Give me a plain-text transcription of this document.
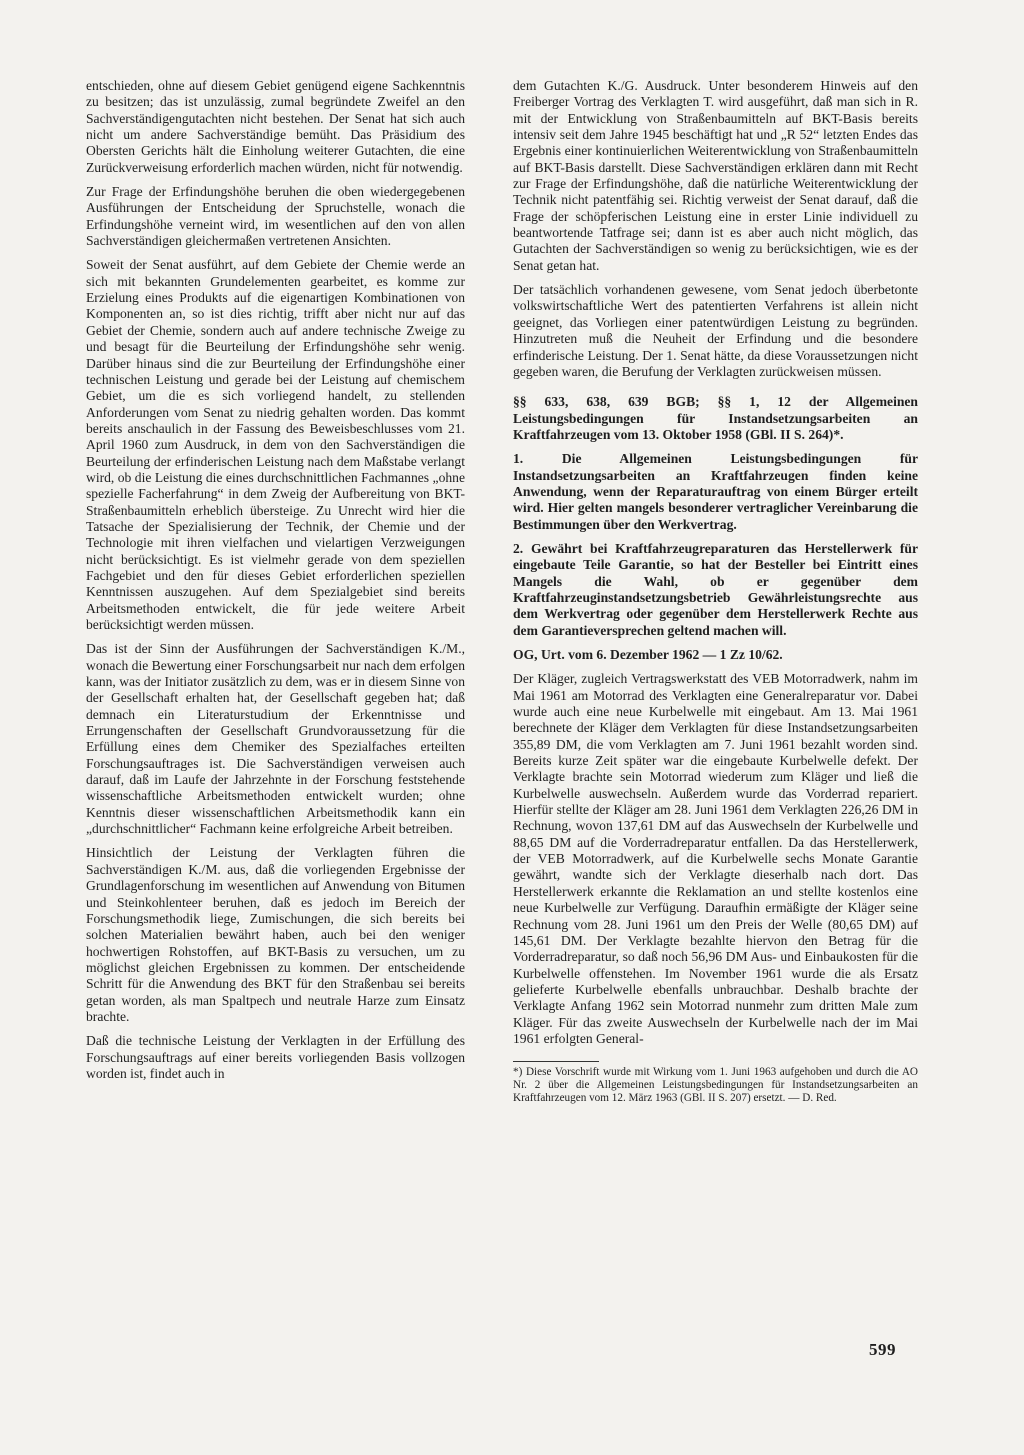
entschieden, ohne auf diesem Gebiet genügend eigene Sachkenntnis zu besitzen; das ist unzulässig, zumal begründete Zweifel an den Sachverständigengutachten nicht bestehen. Der Senat hat sich auch nicht um andere Sachverständige bemüht. Das Präsidium des Obersten Gerichts hält die Einholung weiterer Gutachten, die eine Zurückverweisung erforderlich machen würden, nicht für notwendig.

Zur Frage der Erfindungshöhe beruhen die oben wiedergegebenen Ausführungen der Entscheidung der Spruchstelle, wonach die Erfindungshöhe verneint wird, im wesentlichen auf den von allen Sachverständigen gleichermaßen vertretenen Ansichten.

Soweit der Senat ausführt, auf dem Gebiete der Chemie werde an sich mit bekannten Grundelementen gearbeitet, es komme zur Erzielung eines Produkts auf die eigenartigen Kombinationen von Komponenten an, so ist dies richtig, trifft aber nicht nur auf das Gebiet der Chemie, sondern auch auf andere technische Zweige zu und besagt für die Beurteilung der Erfindungshöhe sehr wenig. Darüber hinaus sind die zur Beurteilung der Erfindungshöhe einer technischen Leistung und gerade bei der Leistung auf chemischem Gebiet, um die es sich vorliegend handelt, zu stellenden Anforderungen vom Senat zu niedrig gehalten worden. Das kommt bereits anschaulich in der Fassung des Beweisbeschlusses vom 21. April 1960 zum Ausdruck, in dem von den Sachverständigen die Beurteilung der erfinderischen Leistung nach dem Maßstabe verlangt wird, ob die Leistung die eines durchschnittlichen Fachmannes „ohne spezielle Facherfahrung“ in dem Zweig der Aufbereitung von BKT-Straßenbaumitteln erheblich übersteige. Zu Unrecht wird hier die Tatsache der Spezialisierung der Technik, der Chemie und der Technologie mit ihren vielfachen und vielartigen Verzweigungen nicht berücksichtigt. Es ist vielmehr gerade von dem speziellen Fachgebiet und den für dieses Gebiet erforderlichen speziellen Kenntnissen auszugehen. Auf dem Spezialgebiet sind bereits Arbeitsmethoden entwickelt, die für jede weitere Arbeit berücksichtigt werden müssen.

Das ist der Sinn der Ausführungen der Sachverständigen K./M., wonach die Bewertung einer Forschungsarbeit nur nach dem erfolgen kann, was der Initiator zusätzlich zu dem, was er in diesem Sinne von der Gesellschaft erhalten hat, der Gesellschaft gegeben hat; daß demnach ein Literaturstudium der Erkenntnisse und Errungenschaften der Gesellschaft Grundvoraussetzung für die Erfüllung eines dem Chemiker des Spezialfaches erteilten Forschungsauftrages ist. Die Sachverständigen verweisen auch darauf, daß im Laufe der Jahrzehnte in der Forschung feststehende wissenschaftliche Arbeitsmethoden entwickelt wurden; ohne Kenntnis dieser wissenschaftlichen Arbeitsmethodik kann ein „durchschnittlicher“ Fachmann keine erfolgreiche Arbeit betreiben.

Hinsichtlich der Leistung der Verklagten führen die Sachverständigen K./M. aus, daß die vorliegenden Ergebnisse der Grundlagenforschung im wesentlichen auf Anwendung von Bitumen und Steinkohlenteer beruhen, daß es jedoch im Bereich der Forschungsmethodik liege, Zumischungen, die sich bereits bei solchen Materialien bewährt haben, auch bei den weniger hochwertigen Rohstoffen, auf BKT-Basis zu versuchen, um zu möglichst gleichen Ergebnissen zu kommen. Der entscheidende Schritt für die Anwendung des BKT für den Straßenbau sei bereits getan worden, als man Spaltpech und neutrale Harze zum Einsatz brachte.

Daß die technische Leistung der Verklagten in der Erfüllung des Forschungsauftrags auf einer bereits vorliegenden Basis vollzogen worden ist, findet auch in

dem Gutachten K./G. Ausdruck. Unter besonderem Hinweis auf den Freiberger Vortrag des Verklagten T. wird ausgeführt, daß man sich in R. mit der Entwicklung von Straßenbaumitteln auf BKT-Basis bereits intensiv seit dem Jahre 1945 beschäftigt hat und „R 52“ letzten Endes das Ergebnis einer kontinuierlichen Weiterentwicklung von Straßenbaumitteln auf BKT-Basis darstellt. Diese Sachverständigen erklären dann mit Recht zur Frage der Erfindungshöhe, daß die natürliche Weiterentwicklung der Technik nicht patentfähig sei. Richtig verweist der Senat darauf, daß die Frage der schöpferischen Leistung eine in erster Linie individuell zu beantwortende Tatfrage sei; dann ist es aber auch nicht möglich, das Gutachten der Sachverständigen so wenig zu berücksichtigen, wie es der Senat getan hat.

Der tatsächlich vorhandenen gewesene, vom Senat jedoch überbetonte volkswirtschaftliche Wert des patentierten Verfahrens ist allein nicht geeignet, das Vorliegen einer patentwürdigen Leistung zu begründen. Hinzutreten muß die Neuheit der Erfindung und die besondere erfinderische Leistung. Der 1. Senat hätte, da diese Voraussetzungen nicht gegeben waren, die Berufung der Verklagten zurückweisen müssen.

§§ 633, 638, 639 BGB; §§ 1, 12 der Allgemeinen Leistungsbedingungen für Instandsetzungsarbeiten an Kraftfahrzeugen vom 13. Oktober 1958 (GBl. II S. 264)*.

1. Die Allgemeinen Leistungsbedingungen für Instandsetzungsarbeiten an Kraftfahrzeugen finden keine Anwendung, wenn der Reparaturauftrag von einem Bürger erteilt wird. Hier gelten mangels besonderer vertraglicher Vereinbarung die Bestimmungen über den Werkvertrag.

2. Gewährt bei Kraftfahrzeugreparaturen das Herstellerwerk für eingebaute Teile Garantie, so hat der Besteller bei Eintritt eines Mangels die Wahl, ob er gegenüber dem Kraftfahrzeuginstandsetzungsbetrieb Gewährleistungsrechte aus dem Werkvertrag oder gegenüber dem Herstellerwerk Rechte aus dem Garantieversprechen geltend machen will.

OG, Urt. vom 6. Dezember 1962 — 1 Zz 10/62.

Der Kläger, zugleich Vertragswerkstatt des VEB Motorradwerk, nahm im Mai 1961 am Motorrad des Verklagten eine Generalreparatur vor. Dabei wurde auch eine neue Kurbelwelle mit eingebaut. Am 13. Mai 1961 berechnete der Kläger dem Verklagten für diese Instandsetzungsarbeiten 355,89 DM, die vom Verklagten am 7. Juni 1961 bezahlt worden sind. Bereits kurze Zeit später war die eingebaute Kurbelwelle defekt. Der Verklagte brachte sein Motorrad wiederum zum Kläger und ließ die Kurbelwelle auswechseln. Außerdem wurde das Vorderrad repariert. Hierfür stellte der Kläger am 28. Juni 1961 dem Verklagten 226,26 DM in Rechnung, wovon 137,61 DM auf das Auswechseln der Kurbelwelle und 88,65 DM auf die Vorderradreparatur entfallen. Da das Herstellerwerk, der VEB Motorradwerk, auf die Kurbelwelle sechs Monate Garantie gewährt, wandte sich der Verklagte dieserhalb nach dort. Das Herstellerwerk erkannte die Reklamation an und stellte kostenlos eine neue Kurbelwelle zur Verfügung. Daraufhin ermäßigte der Kläger seine Rechnung vom 28. Juni 1961 um den Preis der Welle (80,65 DM) auf 145,61 DM. Der Verklagte bezahlte hiervon den Betrag für die Vorderradreparatur, so daß noch 56,96 DM Aus- und Einbaukosten für die Kurbelwelle offenstehen. Im November 1961 wurde die als Ersatz gelieferte Kurbelwelle ebenfalls unbrauchbar. Deshalb brachte der Verklagte Anfang 1962 sein Motorrad nunmehr zum dritten Male zum Kläger. Für das zweite Auswechseln der Kurbelwelle nach der im Mai 1961 erfolgten General-

*) Diese Vorschrift wurde mit Wirkung vom 1. Juni 1963 aufgehoben und durch die AO Nr. 2 über die Allgemeinen Leistungsbedingungen für Instandsetzungsarbeiten an Kraftfahrzeugen vom 12. März 1963 (GBl. II S. 207) ersetzt. — D. Red.

599
